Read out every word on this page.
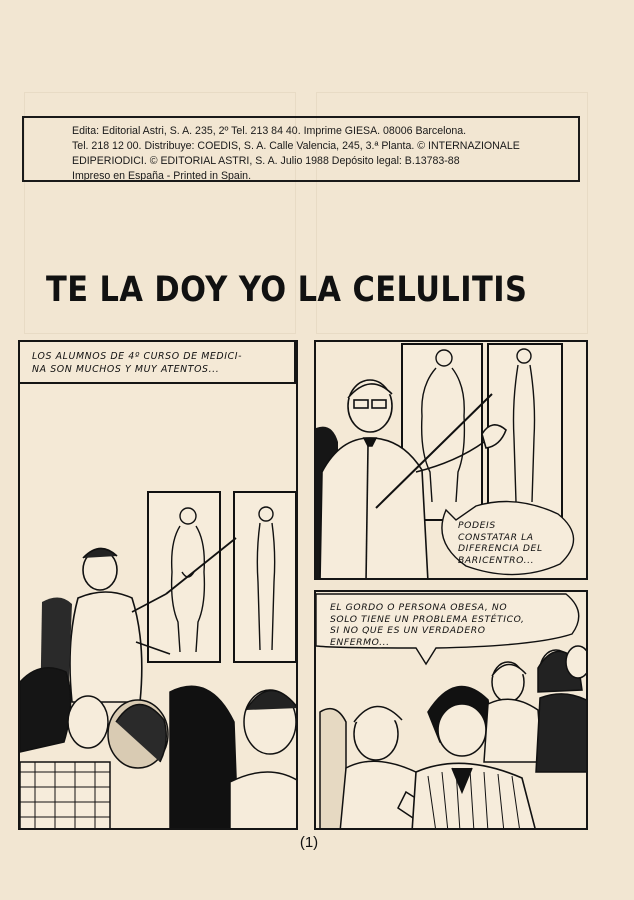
Edita: Editorial Astri, S. A. 235, 2º Tel. 213 84 40. Imprime GIESA. 08006 Barcelona.
Tel. 218 12 00. Distribuye: COEDIS, S. A. Calle Valencia, 245, 3.ª Planta. © INTERNAZIONALE
EDIPERIODICI. © EDITORIAL ASTRI, S. A. Julio 1988 Depósito legal: B.13783-88
Impreso en España - Printed in Spain.
TE LA DOY YO LA CELULITIS
LOS ALUMNOS DE 4º CURSO DE MEDICI-
NA SON MUCHOS Y MUY ATENTOS...
PODEIS
CONSTATAR LA
DIFERENCIA DEL
BARICENTRO...
EL GORDO O PERSONA OBESA, NO
SOLO TIENE UN PROBLEMA ESTÉTICO,
SI NO QUE ES UN VERDADERO
ENFERMO...
(1)
